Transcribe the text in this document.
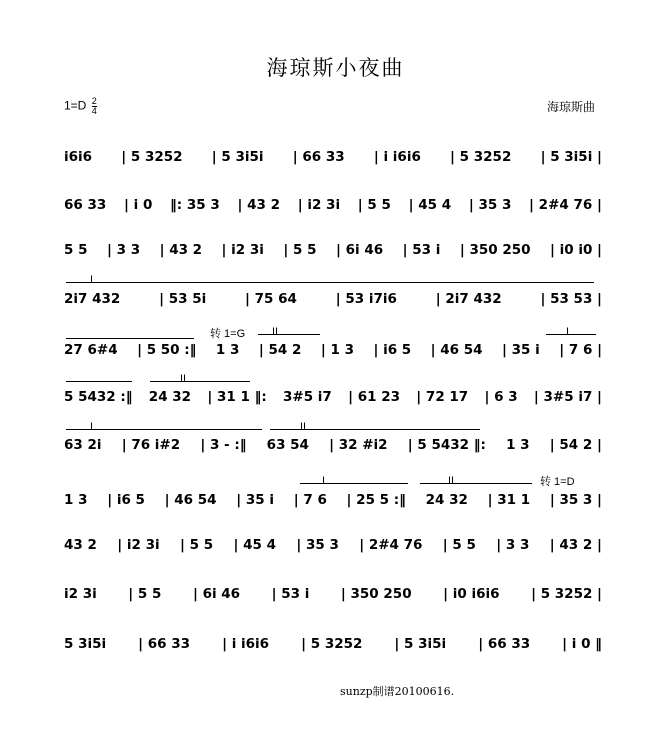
海琼斯小夜曲
$1=D \frac{2}{4}$	海琼斯曲
i6i6 | 5 3252 | 5 3i5i | 66 33 | i i6i6 | 5 3252 | 5 3i5i |
66 33 | i 0 ‖: 35 3 | 43 2 | i2 3i | 5 5 | 45 4 | 35 3 | 2#4 76 |
5 5 | 3 3 | 43 2 | i2 3i | 5 5 | 6i 46 | 53 i | 350 250 | i0 i0 |
2i7 432	| 53 5i	| 75 64	| 53 i7i6	| 2i7 432	| 53 53 |
27 6#4 | 5 50 :‖ 1 3 | 54 2 | 1 3 | i6 5 | 46 54 | 35 i | 7 6 |
5 5432 :‖ 24 32 | 31 1 ‖: 3#5 i7 | 61 23 | 72 17 | 6 3 | 3#5 i7 |
63 2i | 76 i#2 | 3 - :‖ 63 54 | 32 #i2 | 5 5432 ‖: 1 3 | 54 2 |
1 3 | i6 5 | 46 54 | 35 i | 7 6 | 25 5 :‖ 24 32 | 31 1 | 35 3 |
43 2 | i2 3i | 5 5 | 45 4 | 35 3 | 2#4 76 | 5 5 | 3 3 | 43 2 |
i2 3i | 5 5 | 6i 46 | 53 i | 350 250 | i0 i6i6 | 5 3252 |
5 3i5i | 66 33 | i i6i6 | 5 3252 | 5 3i5i | 66 33 | i 0 ‖
I
转 1=G II	I
II
I	II
I	II	转 1=D
sunzp制谱20100616.
